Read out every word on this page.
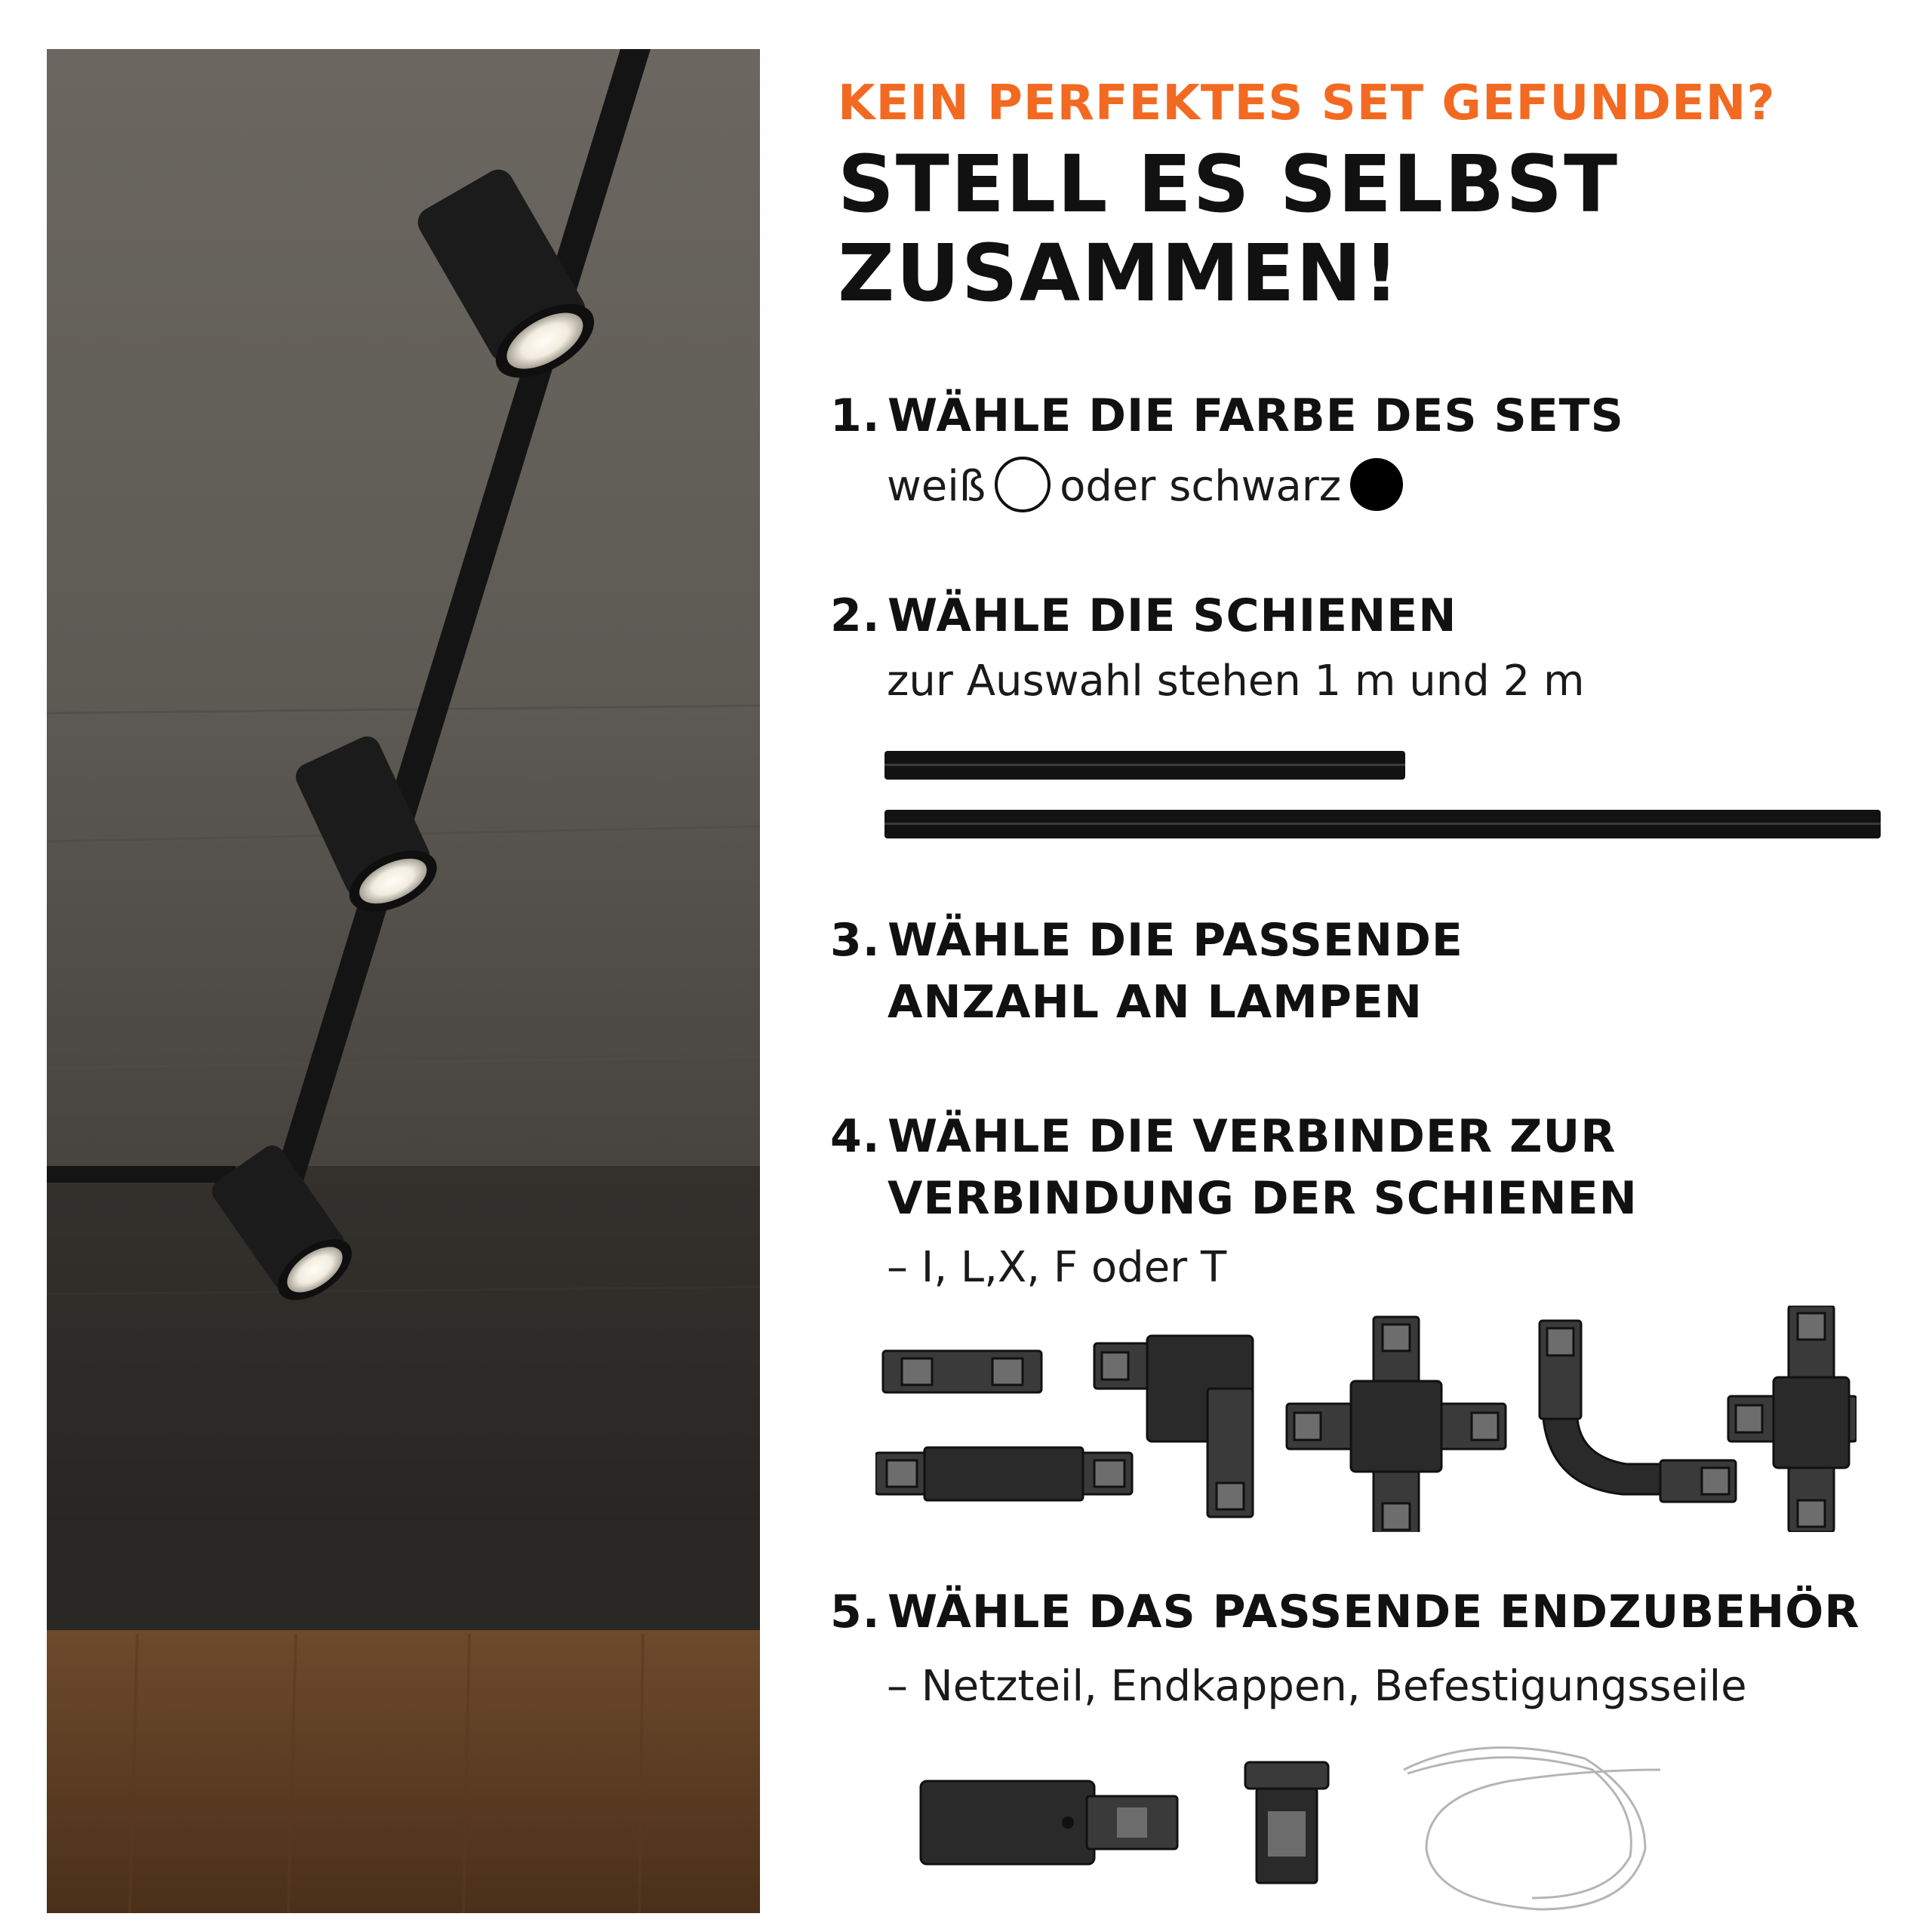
KEIN PERFEKTES SET GEFUNDEN?
STELL ES SELBST ZUSAMMEN!
1. WÄHLE DIE FARBE DES SETS
weiß oder schwarz
2. WÄHLE DIE SCHIENEN
zur Auswahl stehen 1 m und 2 m
3. WÄHLE DIE PASSENDE
ANZAHL AN LAMPEN
4. WÄHLE DIE VERBINDER ZUR
VERBINDUNG DER SCHIENEN
– I, L,X, F oder T
5. WÄHLE DAS PASSENDE ENDZUBEHÖR
– Netzteil, Endkappen, Befestigungsseile
